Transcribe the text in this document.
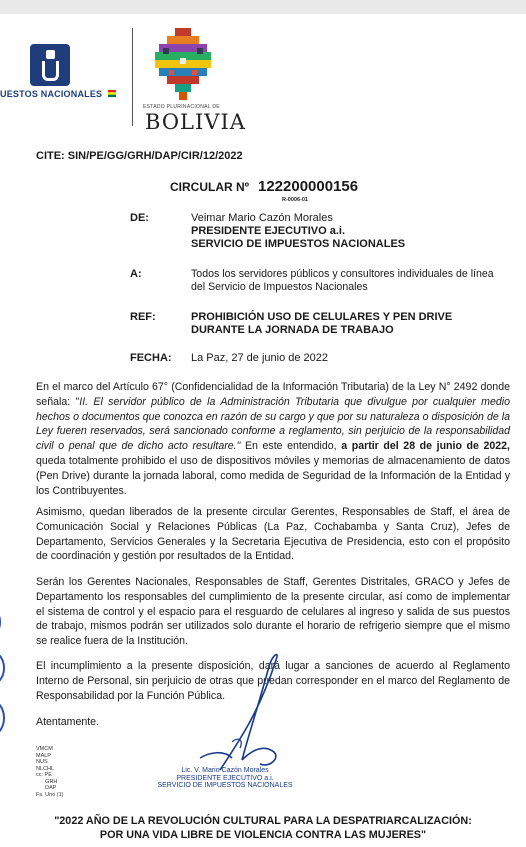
UESTOS NACIONALES
ESTADO PLURINACIONAL DE
BOLIVIA
CITE: SIN/PE/GG/GRH/DAP/CIR/12/2022
CIRCULAR Nº 122200000156
R-0006-01
DE:	Veimar Mario Cazón Morales
PRESIDENTE EJECUTIVO a.i.
SERVICIO DE IMPUESTOS NACIONALES
A:	Todos los servidores públicos y consultores individuales de línea
del Servicio de Impuestos Nacionales
REF:	PROHIBICIÓN USO DE CELULARES Y PEN DRIVE
DURANTE LA JORNADA DE TRABAJO
FECHA: La Paz, 27 de junio de 2022
En el marco del Artículo 67° (Confidencialidad de la Información Tributaria) de la Ley N° 2492 donde señala: "II. El servidor público de la Administración Tributaria que divulgue por cualquier medio hechos o documentos que conozca en razón de su cargo y que por su naturaleza o disposición de la Ley fueren reservados, será sancionado conforme a reglamento, sin perjuicio de la responsabilidad civil o penal que de dicho acto resultare." En este entendido, a partir del 28 de junio de 2022, queda totalmente prohibido el uso de dispositivos móviles y memorias de almacenamiento de datos (Pen Drive) durante la jornada laboral, como medida de Seguridad de la Información de la Entidad y los Contribuyentes.
Asimismo, quedan liberados de la presente circular Gerentes, Responsables de Staff, el área de Comunicación Social y Relaciones Públicas (La Paz, Cochabamba y Santa Cruz), Jefes de Departamento, Servicios Generales y la Secretaria Ejecutiva de Presidencia, esto con el propósito de coordinación y gestión por resultados de la Entidad.
Serán los Gerentes Nacionales, Responsables de Staff, Gerentes Distritales, GRACO y Jefes de Departamento los responsables del cumplimiento de la presente circular, así como de implementar el sistema de control y el espacio para el resguardo de celulares al ingreso y salida de sus puestos de trabajo, mismos podrán ser utilizados solo durante el horario de refrigerio siempre que el mismo se realice fuera de la Institución.
El incumplimiento a la presente disposición, dará lugar a sanciones de acuerdo al Reglamento Interno de Personal, sin perjuicio de otras que puedan corresponder en el marco del Reglamento de Responsabilidad por la Función Pública.
Atentamente.
VMCM
MALP
NUS
NLCHL
cc: PE
GRH
DAP
Fs. Uno (1)
Lic. V. Mario Cazón Morales
PRESIDENTE EJECUTIVO a.i.
SERVICIO DE IMPUESTOS NACIONALES
"2022 AÑO DE LA REVOLUCIÓN CULTURAL PARA LA DESPATRIARCALIZACIÓN:
POR UNA VIDA LIBRE DE VIOLENCIA CONTRA LAS MUJERES"
